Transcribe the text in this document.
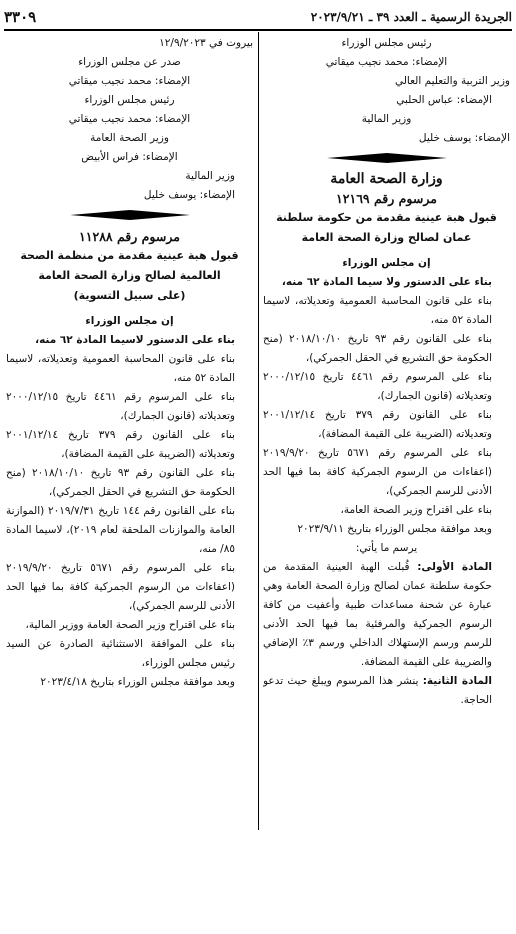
الجريدة الرسمية ـ العدد ٣٩ ـ ٢٠٢٣/٩/٢١
٣٣٠٩
رئيس مجلس الوزراء
الإمضاء: محمد نجيب ميقاتي
وزير التربية والتعليم العالي
الإمضاء: عباس الحلبي
وزير المالية
الإمضاء: يوسف خليل
وزارة الصحة العامة
مرسوم رقم ١٢١٦٩
قبول هبة عينية مقدمة من حكومة سلطنة
عمان لصالح وزارة الصحة العامة
إن مجلس الوزراء
بناء على الدستور ولا سيما المادة ٦٢ منه،
بناء على قانون المحاسبة العمومية وتعديلاته، لاسيما المادة ٥٢ منه،
بناء على القانون رقم ٩٣ تاريخ ٢٠١٨/١٠/١٠ (منح الحكومة حق التشريع في الحقل الجمركي)،
بناء على المرسوم رقم ٤٤٦١ تاريخ ٢٠٠٠/١٢/١٥ وتعديلاته (قانون الجمارك)،
بناء على القانون رقم ٣٧٩ تاريخ ٢٠٠١/١٢/١٤ وتعديلاته (الضريبة على القيمة المضافة)،
بناء على المرسوم رقم ٥٦٧١ تاريخ ٢٠١٩/٩/٢٠ (اعفاءات من الرسوم الجمركية كافة بما فيها الحد الأدنى للرسم الجمركي)،
بناء على اقتراح وزير الصحة العامة،
وبعد موافقة مجلس الوزراء بتاريخ ٢٠٢٣/٩/١١
يرسم ما يأتي:
المادة الأولى: قُبلت الهبة العينية المقدمة من حكومة سلطنة عمان لصالح وزارة الصحة العامة وهي عبارة عن شحنة مساعدات طبية وأعفيت من كافة الرسوم الجمركية والمرفئية بما فيها الحد الأدنى للرسم ورسم الإستهلاك الداخلي ورسم ٣٪ الإضافي والضريبة على القيمة المضافة.
المادة الثانية: ينشر هذا المرسوم ويبلغ حيث تدعو الحاجة.
بيروت في ١٢/٩/٢٠٢٣
صدر عن مجلس الوزراء
الإمضاء: محمد نجيب ميقاتي
رئيس مجلس الوزراء
الإمضاء: محمد نجيب ميقاتي
وزير الصحة العامة
الإمضاء: فراس الأبيض
وزير المالية
الإمضاء: يوسف خليل
مرسوم رقم ١١٢٨٨
قبول هبة عينية مقدمة من منظمة الصحة
العالمية لصالح وزارة الصحة العامة
(على سبيل التسوية)
إن مجلس الوزراء
بناء على الدستور لاسيما المادة ٦٢ منه،
بناء على قانون المحاسبة العمومية وتعديلاته، لاسيما المادة ٥٢ منه،
بناء على المرسوم رقم ٤٤٦١ تاريخ ٢٠٠٠/١٢/١٥ وتعديلاته (قانون الجمارك)،
بناء على القانون رقم ٣٧٩ تاريخ ٢٠٠١/١٢/١٤ وتعديلاته (الضريبة على القيمة المضافة)،
بناء على القانون رقم ٩٣ تاريخ ٢٠١٨/١٠/١٠ (منح الحكومة حق التشريع في الحقل الجمركي)،
بناء على القانون رقم ١٤٤ تاريخ ٢٠١٩/٧/٣١ (الموازنة العامة والموازنات الملحقة لعام ٢٠١٩)، لاسيما المادة ٨٥/ منه،
بناء على المرسوم رقم ٥٦٧١ تاريخ ٢٠١٩/٩/٢٠ (اعفاءات من الرسوم الجمركية كافة بما فيها الحد الأدنى للرسم الجمركي)،
بناء على اقتراح وزير الصحة العامة ووزير المالية،
بناء على الموافقة الاستثنائية الصادرة عن السيد رئيس مجلس الوزراء،
وبعد موافقة مجلس الوزراء بتاريخ ٢٠٢٣/٤/١٨
